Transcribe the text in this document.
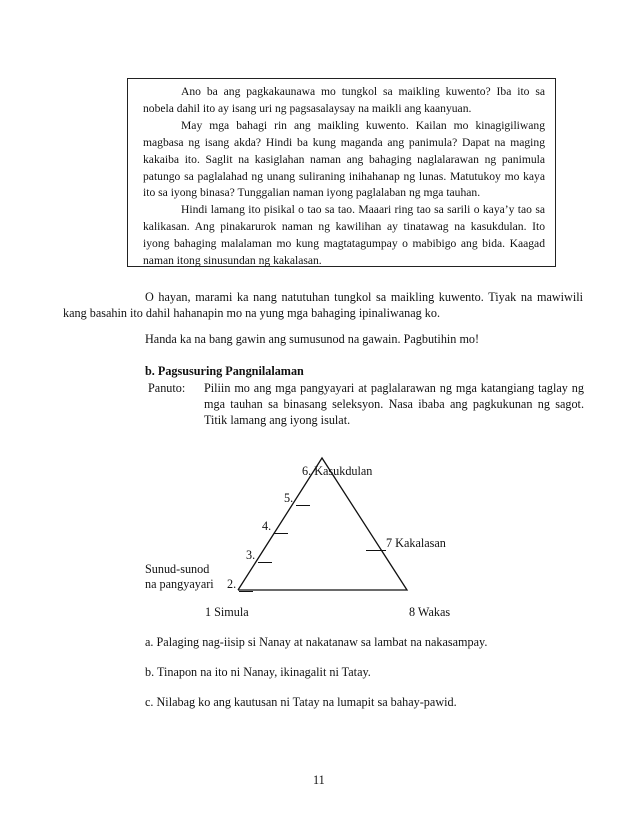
Ano ba ang pagkakaunawa mo tungkol sa maikling kuwento? Iba ito sa nobela dahil ito ay isang uri ng pagsasalaysay na maikli ang kaanyuan.

May mga bahagi rin ang maikling kuwento. Kailan mo kinagigiliwang magbasa ng isang akda? Hindi ba kung maganda ang panimula? Dapat na maging kakaiba ito. Saglit na kasiglahan naman ang bahaging naglalarawan ng panimula patungo sa paglalahad ng unang suliraning inihahanap ng lunas. Matutukoy mo kaya ito sa iyong binasa? Tunggalian naman iyong paglalaban ng mga tauhan.

Hindi lamang ito pisikal o tao sa tao. Maaari ring tao sa sarili o kaya’y tao sa kalikasan. Ang pinakarurok naman ng kawilihan ay tinatawag na kasukdulan. Ito iyong bahaging malalaman mo kung magtatagumpay o mabibigo ang bida. Kaagad naman itong sinusundan ng kakalasan.

O hayan, marami ka nang natutuhan tungkol sa maikling kuwento. Tiyak na mawiwili kang basahin ito dahil hahanapin mo na yung mga bahaging ipinaliwanag ko.
Handa ka na bang gawin ang sumusunod na gawain. Pagbutihin mo!
b. Pagsusuring Pangnilalaman
Panuto: Piliin mo ang mga pangyayari at paglalarawan ng mga katangiang taglay ng mga tauhan sa binasang seleksyon. Nasa ibaba ang pagkukunan ng sagot. Titik lamang ang iyong isulat.
6. Kasukdulan
5.
4.
3.
2.
7 Kakalasan
Sunud-sunod
na pangyayari
1 Simula	8 Wakas
a. Palaging nag-iisip si Nanay at nakatanaw sa lambat na nakasampay.
b. Tinapon na ito ni Nanay, ikinagalit ni Tatay.
c. Nilabag ko ang kautusan ni Tatay na lumapit sa bahay-pawid.
11
